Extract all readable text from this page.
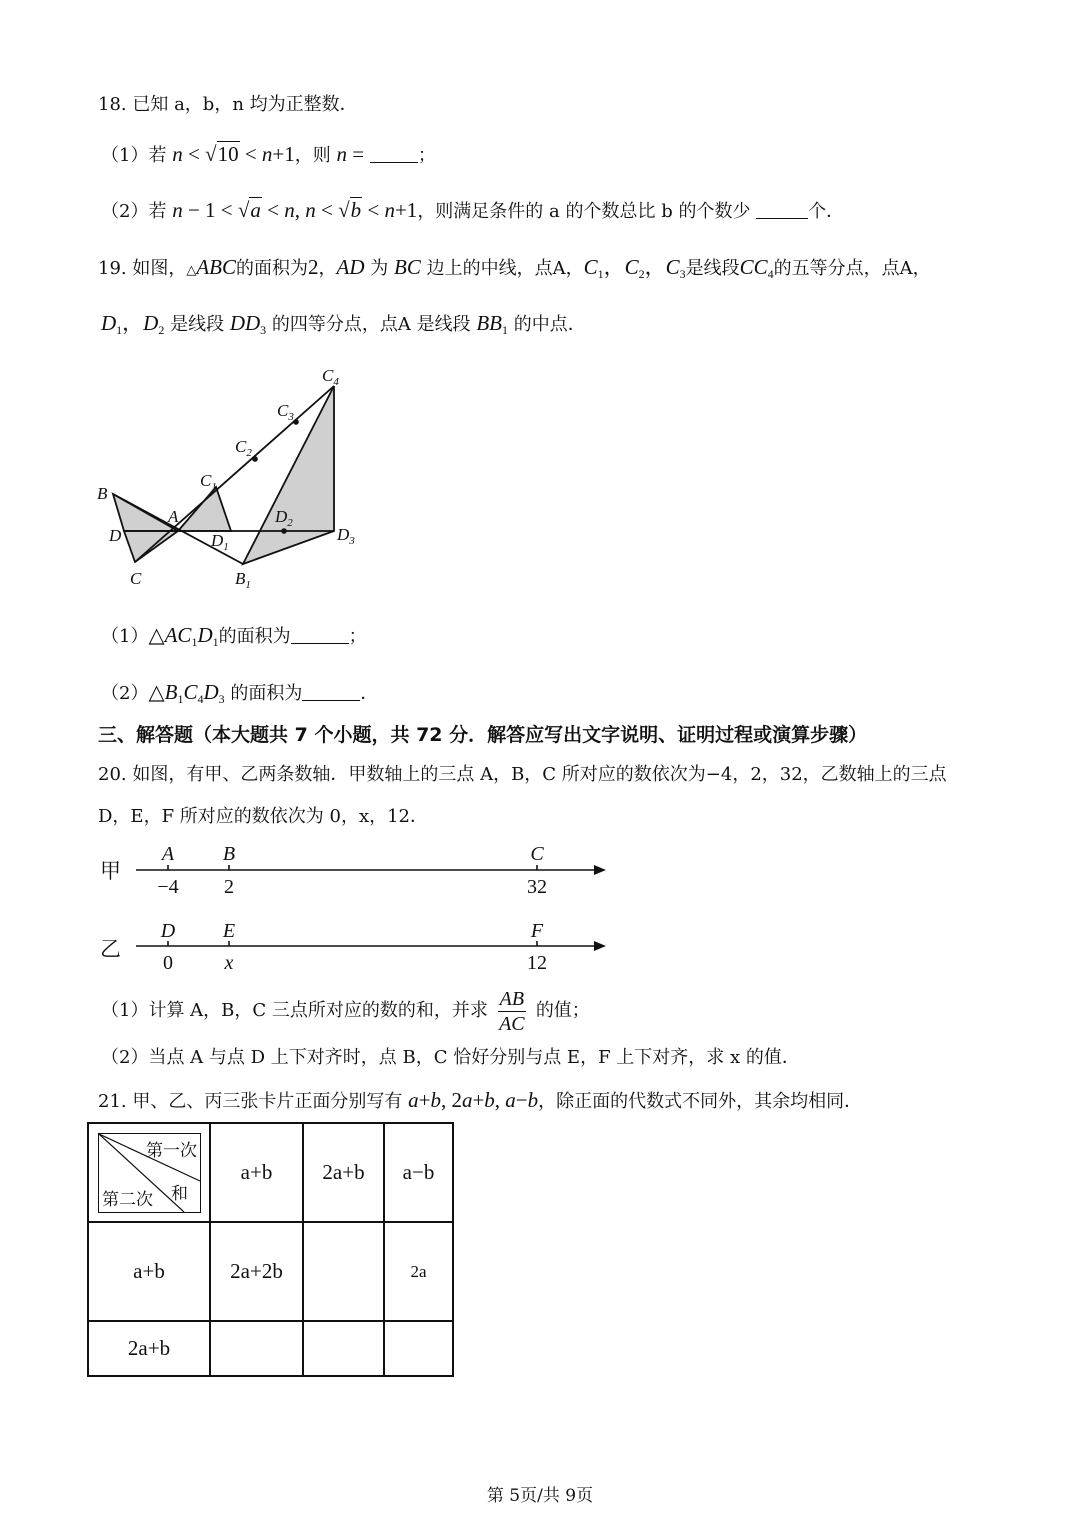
18. 已知 a，b，n 均为正整数．
（1）若 n < √10 < n+1，则 n =	；
（2）若 n − 1 < √a < n, n < √b < n+1，则满足条件的 a 的个数总比 b 的个数少	个．
19. 如图，△ABC的面积为2，AD 为 BC 边上的中线，点A，$C_1$，$C_2$，$C_3$是线段$CC_4$的五等分点，点A，
$D_1$，$D_2$ 是线段 $DD_3$ 的四等分点，点A 是线段 $BB_1$ 的中点．
$C_4$
$C_3$
$C_2$
$C_1$
B
A
D	$D_1$
$D_2$
$D_3$
C	$B_1$
$(1)\triangle AC_1D_1$的面积为	；
$(2)\triangle B_1C_4D_3$ 的面积为	．
三、解答题（本大题共 7 个小题，共 72 分．解答应写出文字说明、证明过程或演算步骤）
20. 如图，有甲、乙两条数轴．甲数轴上的三点 A，B，C 所对应的数依次为−4，2，32，乙数轴上的三点
D，E，F 所对应的数依次为 0，x，12．
甲
乙
A B	C
−4 2	32
D E	F
0	x	12
（1）计算 A，B，C 三点所对应的数的和，并求 $\frac{AB}{AC}$ 的值；
（2）当点 A 与点 D 上下对齐时，点 B，C 恰好分别与点 E，F 上下对齐，求 x 的值．
21. 甲、乙、丙三张卡片正面分别写有 a+b, 2a+b, a−b，除正面的代数式不同外，其余均相同．
第一次
和
第二次	a+b	2a+b	a−b
a+b	2a+2b		2a
2a+b			
第 5页/共 9页
